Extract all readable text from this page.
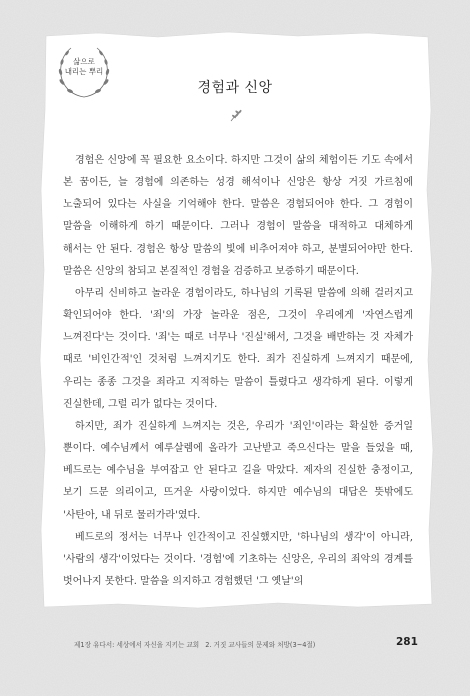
삶으로
내리는 뿌리
경험과 신앙

경험은 신앙에 꼭 필요한 요소이다. 하지만 그것이 삶의 체험이든 기도 속에서 본 꿈이든, 늘 경험에 의존하는 성경 해석이나 신앙은 항상 거짓 가르침에 노출되어 있다는 사실을 기억해야 한다. 말씀은 경험되어야 한다. 그 경험이 말씀을 이해하게 하기 때문이다. 그러나 경험이 말씀을 대적하고 대체하게 해서는 안 된다. 경험은 항상 말씀의 빛에 비추어져야 하고, 분별되어야만 한다. 말씀은 신앙의 참되고 본질적인 경험을 검증하고 보증하기 때문이다.

아무리 신비하고 놀라운 경험이라도, 하나님의 기록된 말씀에 의해 걸러지고 확인되어야 한다. '죄'의 가장 놀라운 점은, 그것이 우리에게 '자연스럽게 느껴진다'는 것이다. '죄'는 때로 너무나 '진실'해서, 그것을 배반하는 것 자체가 때로 '비인간적'인 것처럼 느껴지기도 한다. 죄가 진실하게 느껴지기 때문에, 우리는 종종 그것을 죄라고 지적하는 말씀이 틀렸다고 생각하게 된다. 이렇게 진실한데, 그럴 리가 없다는 것이다.

하지만, 죄가 진실하게 느껴지는 것은, 우리가 '죄인'이라는 확실한 증거일 뿐이다. 예수님께서 예루살렘에 올라가 고난받고 죽으신다는 말을 들었을 때, 베드로는 예수님을 부여잡고 안 된다고 길을 막았다. 제자의 진실한 충정이고, 보기 드문 의리이고, 뜨거운 사랑이었다. 하지만 예수님의 대답은 뜻밖에도 '사탄아, 내 뒤로 물러가라'였다.

베드로의 정서는 너무나 인간적이고 진실했지만, '하나님의 생각'이 아니라, '사람의 생각'이었다는 것이다. '경험'에 기초하는 신앙은, 우리의 죄악의 경계를 벗어나지 못한다. 말씀을 의지하고 경험했던 '그 옛날'의

제1장 유다서: 세상에서 자신을 지키는 교회 2. 거짓 교사들의 문제와 처방(3~4절)	281
